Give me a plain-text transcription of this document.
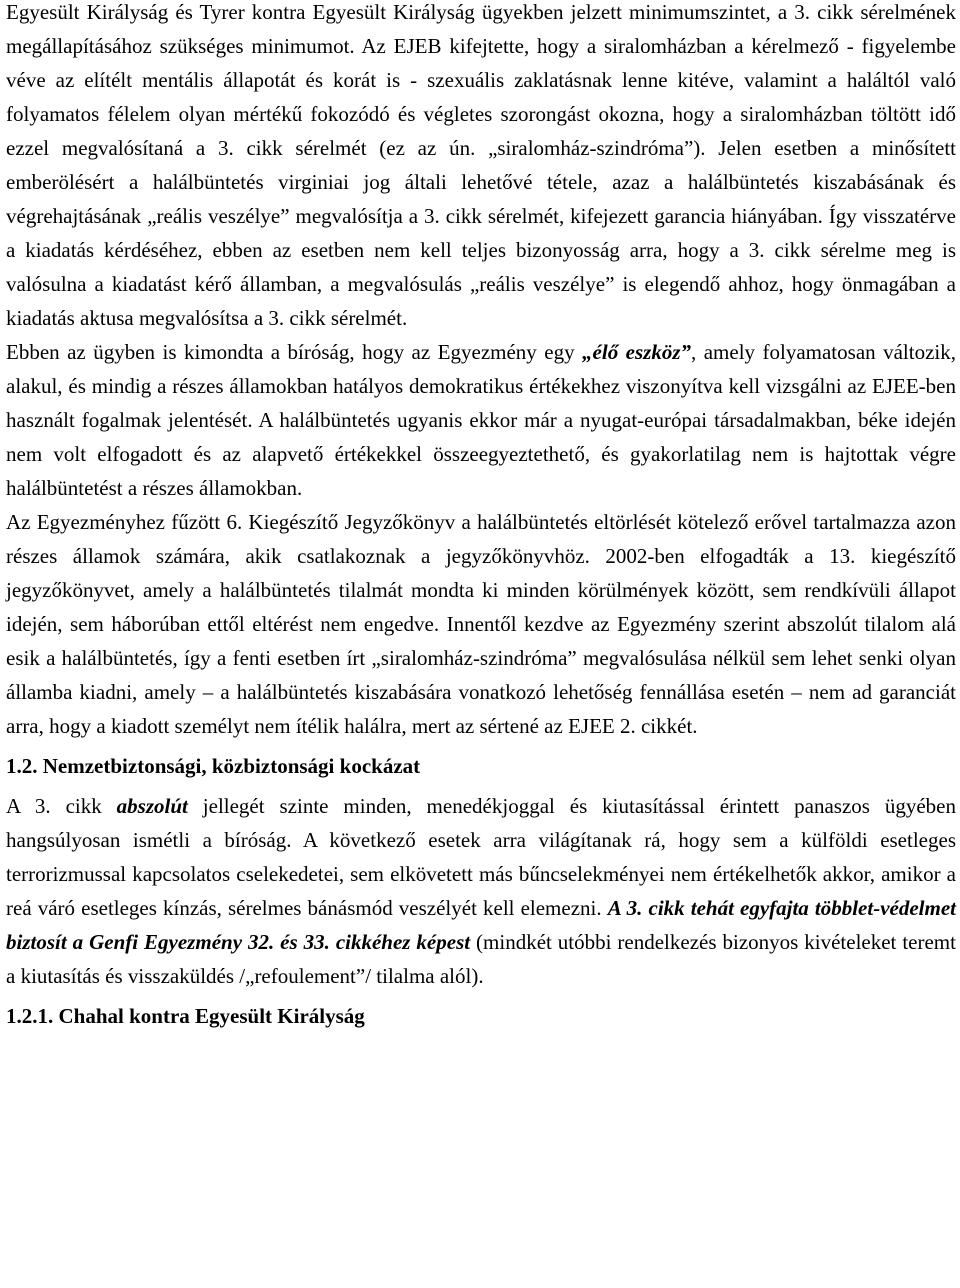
Egyesült Királyság és Tyrer kontra Egyesült Királyság ügyekben jelzett minimumszintet, a 3. cikk sérelmének megállapításához szükséges minimumot. Az EJEB kifejtette, hogy a siralomházban a kérelmező - figyelembe véve az elítélt mentális állapotát és korát is - szexuális zaklatásnak lenne kitéve, valamint a haláltól való folyamatos félelem olyan mértékű fokozódó és végletes szorongást okozna, hogy a siralomházban töltött idő ezzel megvalósítaná a 3. cikk sérelmét (ez az ún. „siralomház-szindróma”). Jelen esetben a minősített emberölésért a halálbüntetés virginiai jog általi lehetővé tétele, azaz a halálbüntetés kiszabásának és végrehajtásának „reális veszélye” megvalósítja a 3. cikk sérelmét, kifejezett garancia hiányában. Így visszatérve a kiadatás kérdéséhez, ebben az esetben nem kell teljes bizonyosság arra, hogy a 3. cikk sérelme meg is valósulna a kiadatást kérő államban, a megvalósulás „reális veszélye” is elegendő ahhoz, hogy önmagában a kiadatás aktusa megvalósítsa a 3. cikk sérelmét.

Ebben az ügyben is kimondta a bíróság, hogy az Egyezmény egy „élő eszköz”, amely folyamatosan változik, alakul, és mindig a részes államokban hatályos demokratikus értékekhez viszonyítva kell vizsgálni az EJEE-ben használt fogalmak jelentését. A halálbüntetés ugyanis ekkor már a nyugat-európai társadalmakban, béke idején nem volt elfogadott és az alapvető értékekkel összeegyeztethető, és gyakorlatilag nem is hajtottak végre halálbüntetést a részes államokban.

Az Egyezményhez fűzött 6. Kiegészítő Jegyzőkönyv a halálbüntetés eltörlését kötelező erővel tartalmazza azon részes államok számára, akik csatlakoznak a jegyzőkönyvhöz. 2002-ben elfogadták a 13. kiegészítő jegyzőkönyvet, amely a halálbüntetés tilalmát mondta ki minden körülmények között, sem rendkívüli állapot idején, sem háborúban ettől eltérést nem engedve. Innentől kezdve az Egyezmény szerint abszolút tilalom alá esik a halálbüntetés, így a fenti esetben írt „siralomház-szindróma” megvalósulása nélkül sem lehet senki olyan államba kiadni, amely – a halálbüntetés kiszabására vonatkozó lehetőség fennállása esetén – nem ad garanciát arra, hogy a kiadott személyt nem ítélik halálra, mert az sértené az EJEE 2. cikkét.

1.2. Nemzetbiztonsági, közbiztonsági kockázat

A 3. cikk abszolút jellegét szinte minden, menedékjoggal és kiutasítással érintett panaszos ügyében hangsúlyosan ismétli a bíróság. A következő esetek arra világítanak rá, hogy sem a külföldi esetleges terrorizmussal kapcsolatos cselekedetei, sem elkövetett más bűncselekményei nem értékelhetők akkor, amikor a reá váró esetleges kínzás, sérelmes bánásmód veszélyét kell elemezni. A 3. cikk tehát egyfajta többlet-védelmet biztosít a Genfi Egyezmény 32. és 33. cikkéhez képest (mindkét utóbbi rendelkezés bizonyos kivételeket teremt a kiutasítás és visszaküldés /„refoulement”/ tilalma alól).

1.2.1. Chahal kontra Egyesült Királyság
